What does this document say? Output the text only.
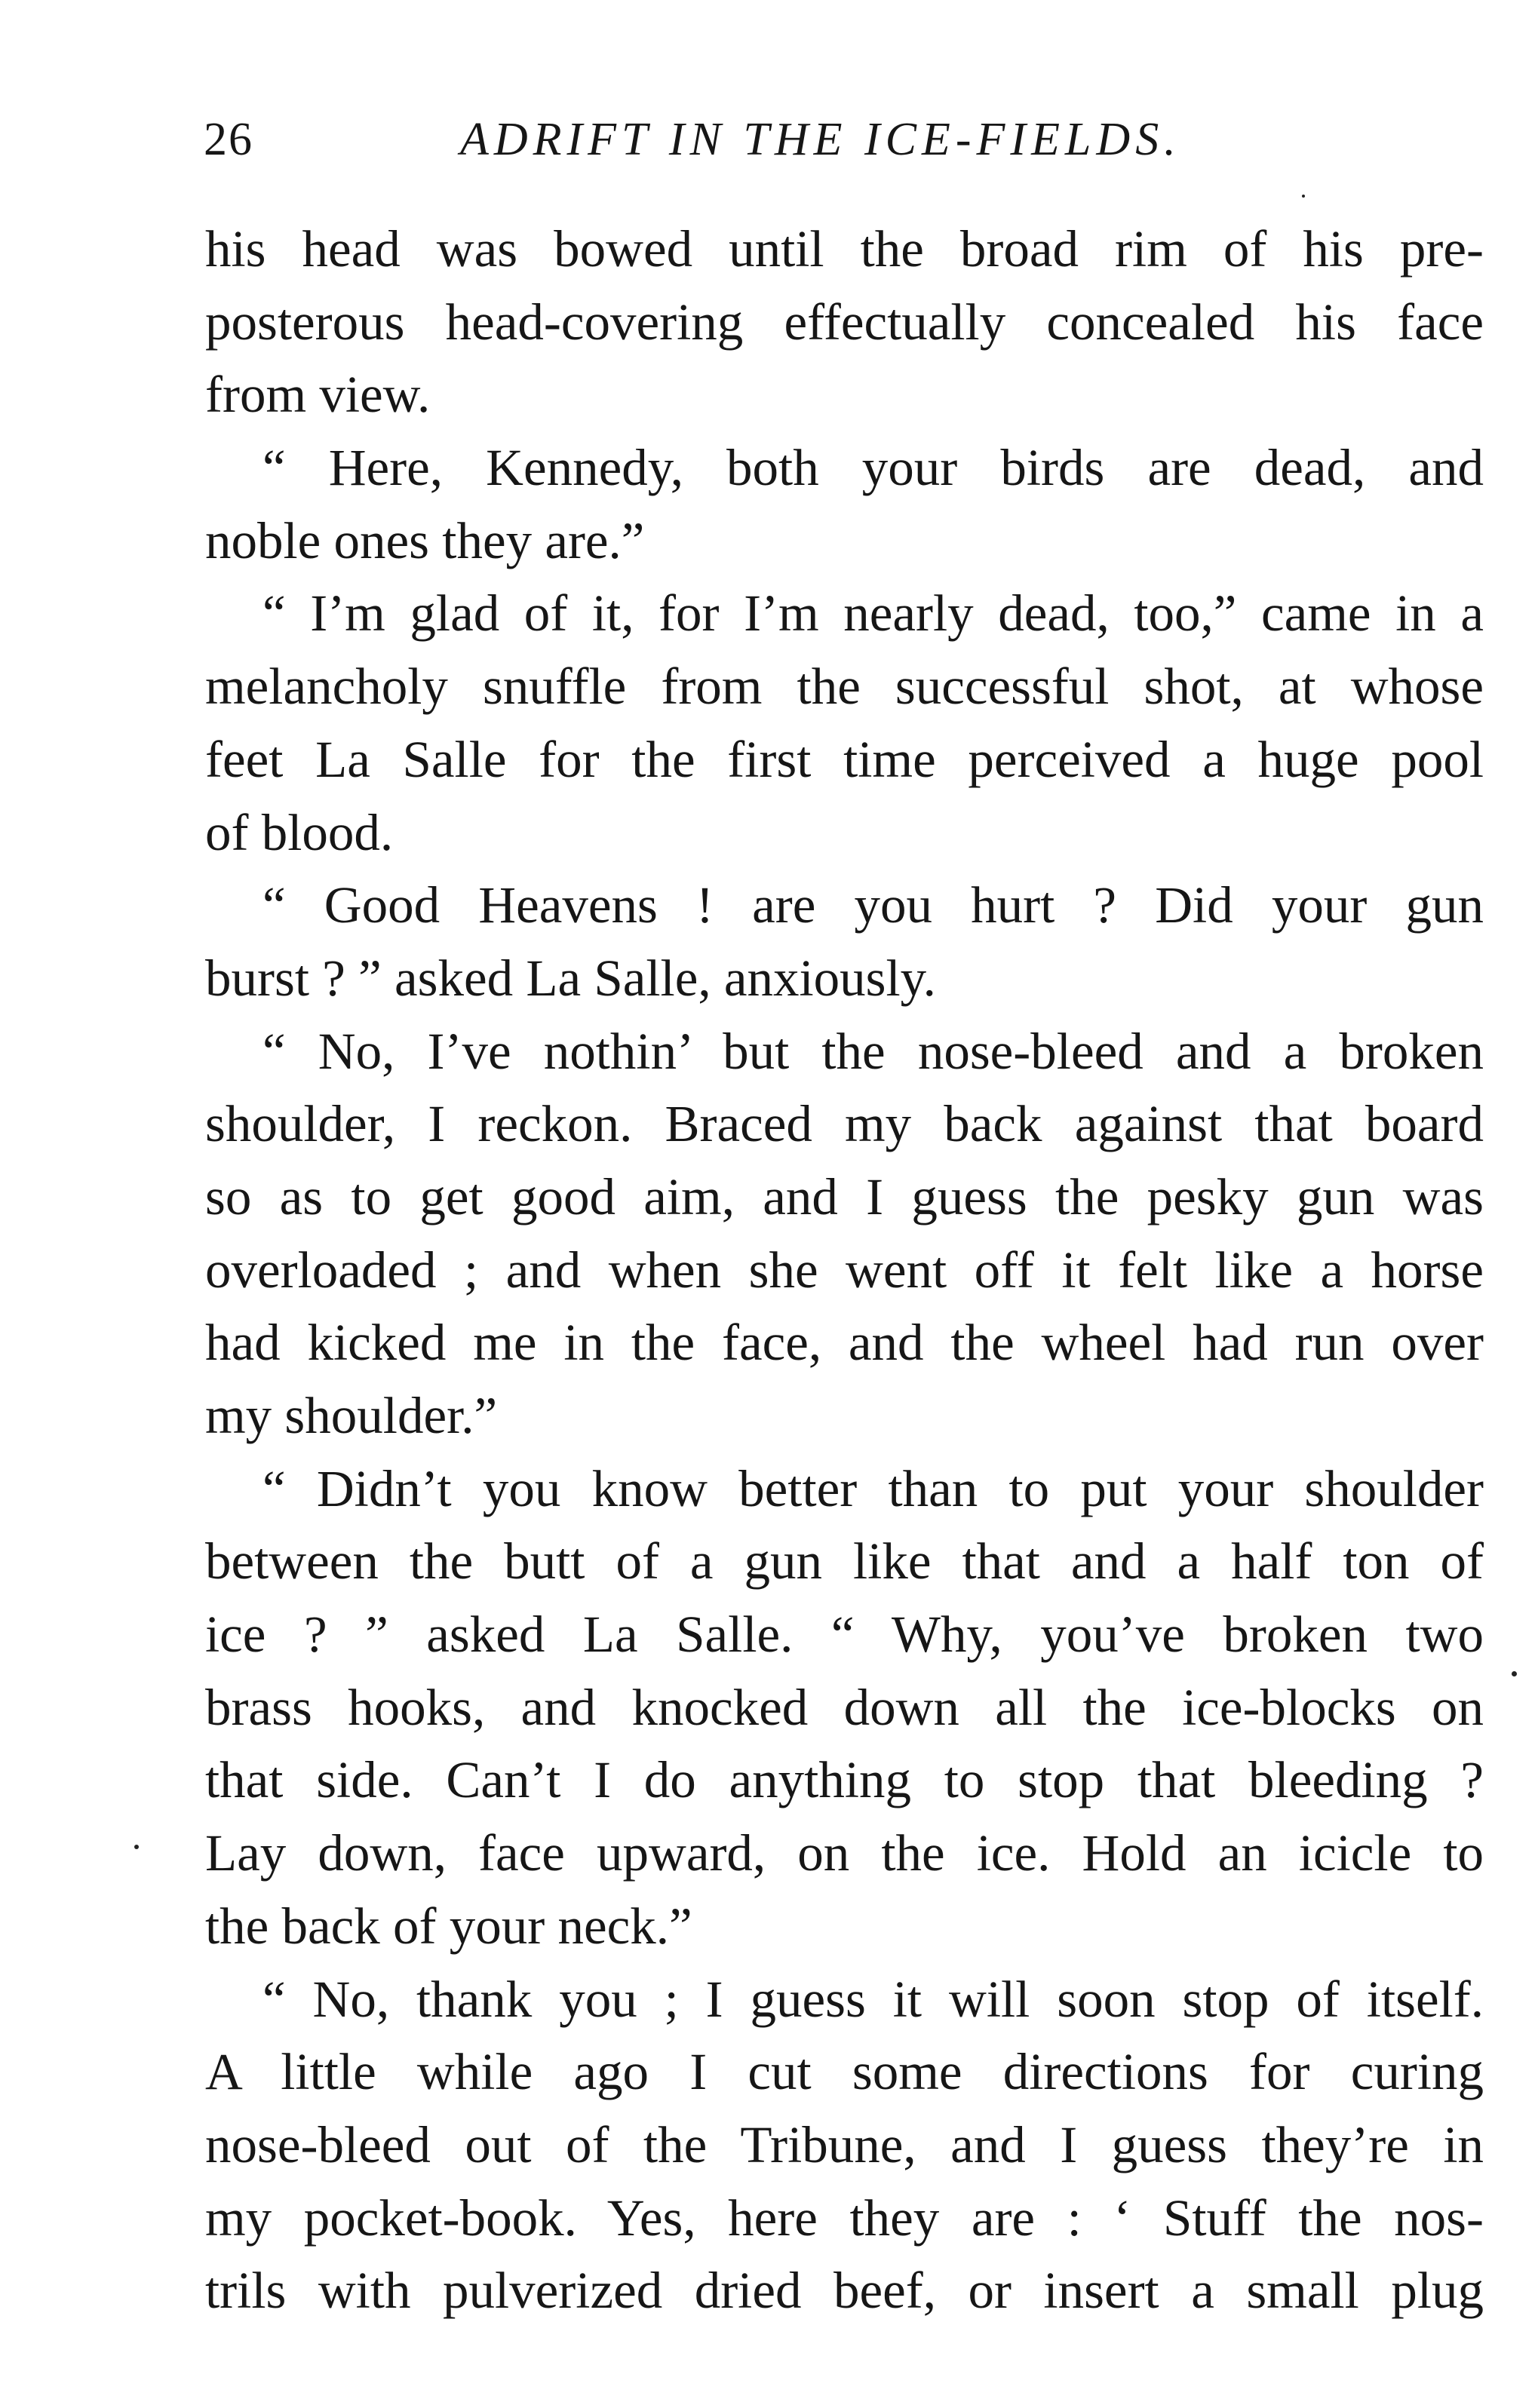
26	ADRIFT IN THE ICE-FIELDS.
his head was bowed until the broad rim of his pre-
posterous head-covering effectually concealed his face
from view.
“ Here, Kennedy, both your birds are dead, and
noble ones they are.”
“ I’m glad of it, for I’m nearly dead, too,” came in a
melancholy snuffle from the successful shot, at whose
feet La Salle for the first time perceived a huge pool
of blood.
“ Good Heavens ! are you hurt ? Did your gun
burst ? ” asked La Salle, anxiously.
“ No, I’ve nothin’ but the nose-bleed and a broken
shoulder, I reckon. Braced my back against that board
so as to get good aim, and I guess the pesky gun was
overloaded ; and when she went off it felt like a horse
had kicked me in the face, and the wheel had run over
my shoulder.”
“ Didn’t you know better than to put your shoulder
between the butt of a gun like that and a half ton of
ice ? ” asked La Salle. “ Why, you’ve broken two
brass hooks, and knocked down all the ice-blocks on
that side. Can’t I do anything to stop that bleeding ?
Lay down, face upward, on the ice. Hold an icicle to
the back of your neck.”
“ No, thank you ; I guess it will soon stop of itself.
A little while ago I cut some directions for curing
nose-bleed out of the Tribune, and I guess they’re in
my pocket-book. Yes, here they are : ‘ Stuff the nos-
trils with pulverized dried beef, or insert a small plug
